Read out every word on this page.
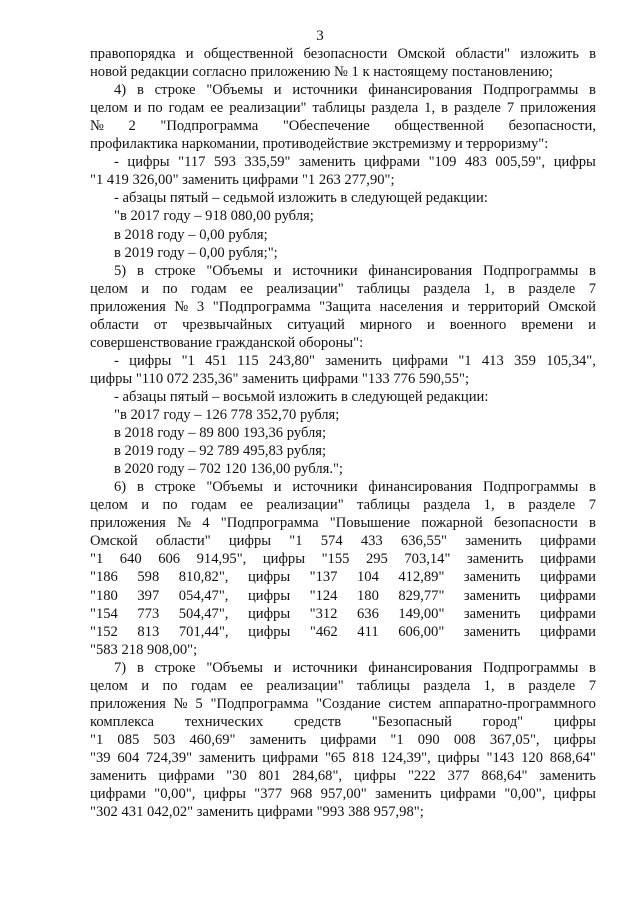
3
правопорядка и общественной безопасности Омской области" изложить в
новой редакции согласно приложению № 1 к настоящему постановлению;
4) в строке "Объемы и источники финансирования Подпрограммы в
целом и по годам ее реализации" таблицы раздела 1, в разделе 7 приложения
№ 2 "Подпрограмма "Обеспечение общественной безопасности,
профилактика наркомании, противодействие экстремизму и терроризму":
- цифры "117 593 335,59" заменить цифрами "109 483 005,59", цифры
"1 419 326,00" заменить цифрами "1 263 277,90";
- абзацы пятый – седьмой изложить в следующей редакции:
"в 2017 году – 918 080,00 рубля;
в 2018 году – 0,00 рубля;
в 2019 году – 0,00 рубля;";
5) в строке "Объемы и источники финансирования Подпрограммы в
целом и по годам ее реализации" таблицы раздела 1, в разделе 7
приложения № 3 "Подпрограмма "Защита населения и территорий Омской
области от чрезвычайных ситуаций мирного и военного времени и
совершенствование гражданской обороны":
- цифры "1 451 115 243,80" заменить цифрами "1 413 359 105,34",
цифры "110 072 235,36" заменить цифрами "133 776 590,55";
- абзацы пятый – восьмой изложить в следующей редакции:
"в 2017 году – 126 778 352,70 рубля;
в 2018 году – 89 800 193,36 рубля;
в 2019 году – 92 789 495,83 рубля;
в 2020 году – 702 120 136,00 рубля.";
6) в строке "Объемы и источники финансирования Подпрограммы в
целом и по годам ее реализации" таблицы раздела 1, в разделе 7
приложения № 4 "Подпрограмма "Повышение пожарной безопасности в
Омской области" цифры "1 574 433 636,55" заменить цифрами
"1 640 606 914,95", цифры "155 295 703,14" заменить цифрами
"186 598 810,82", цифры "137 104 412,89" заменить цифрами
"180 397 054,47", цифры "124 180 829,77" заменить цифрами
"154 773 504,47", цифры "312 636 149,00" заменить цифрами
"152 813 701,44", цифры "462 411 606,00" заменить цифрами
"583 218 908,00";
7) в строке "Объемы и источники финансирования Подпрограммы в
целом и по годам ее реализации" таблицы раздела 1, в разделе 7
приложения № 5 "Подпрограмма "Создание систем аппаратно-программного
комплекса технических средств "Безопасный город" цифры
"1 085 503 460,69" заменить цифрами "1 090 008 367,05", цифры
"39 604 724,39" заменить цифрами "65 818 124,39", цифры "143 120 868,64"
заменить цифрами "30 801 284,68", цифры "222 377 868,64" заменить
цифрами "0,00", цифры "377 968 957,00" заменить цифрами "0,00", цифры
"302 431 042,02" заменить цифрами "993 388 957,98";
